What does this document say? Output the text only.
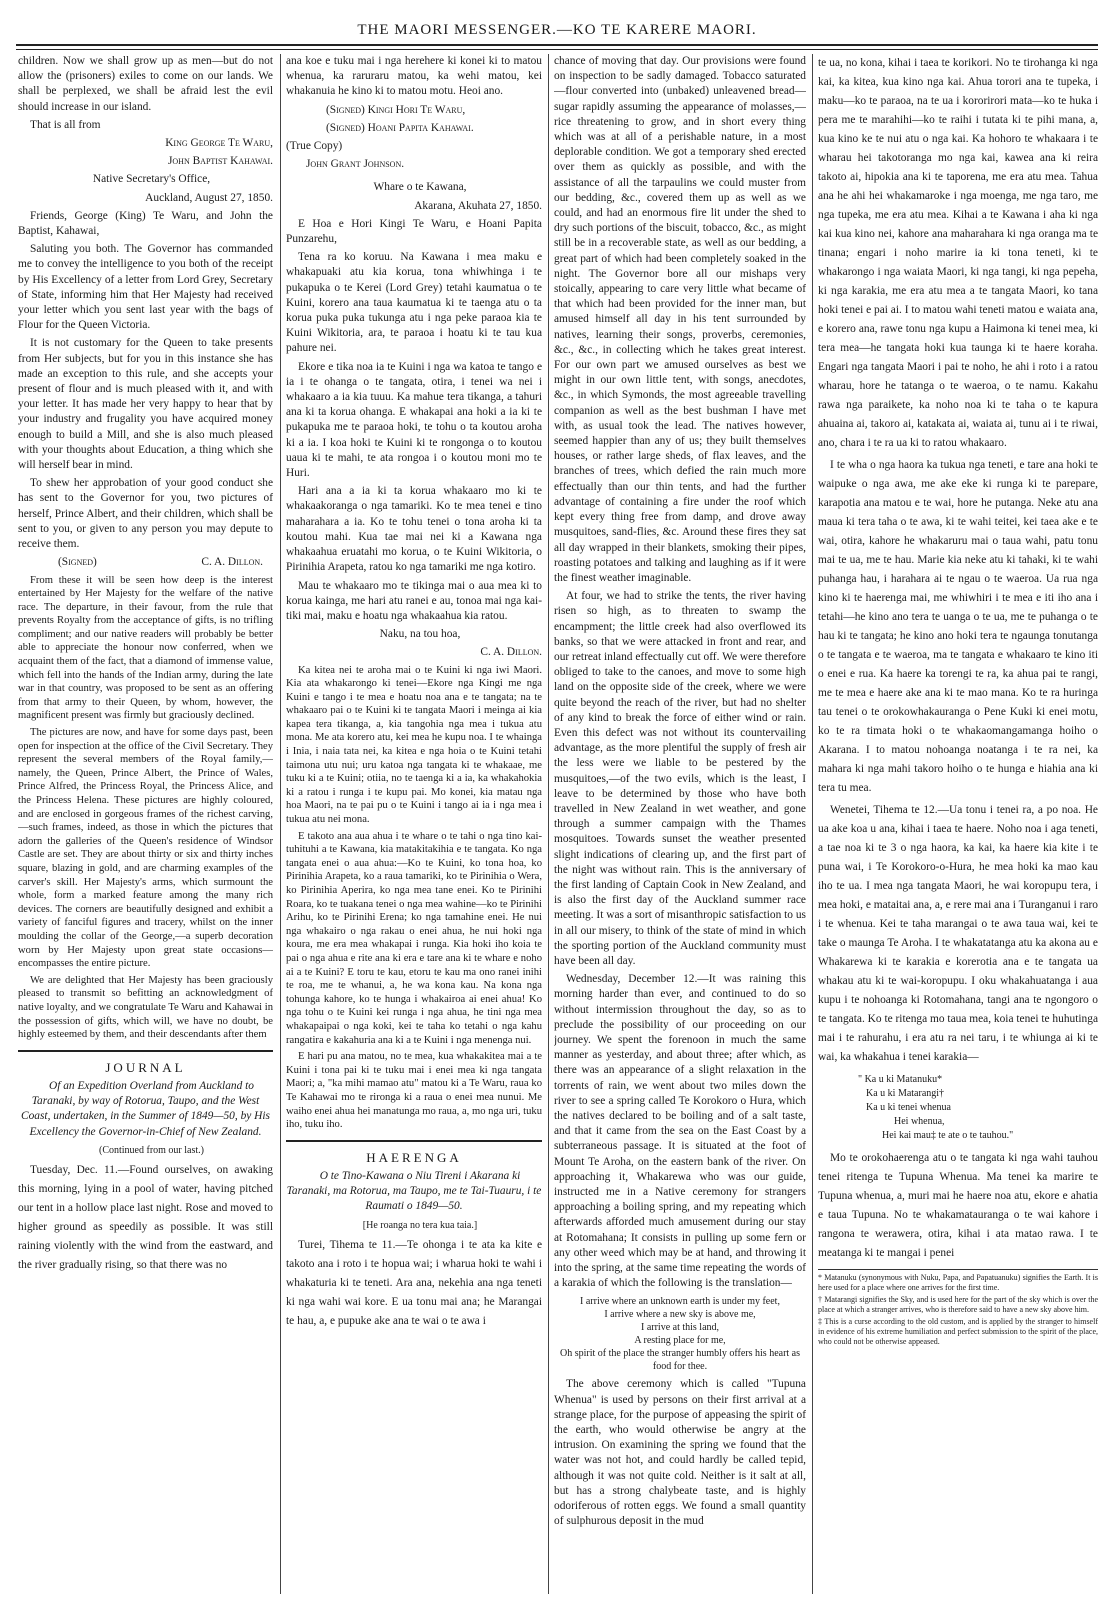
THE MAORI MESSENGER.—KO TE KARERE MAORI.

children. Now we shall grow up as men—but do not allow the (prisoners) exiles to come on our lands. We shall be perplexed, we shall be afraid lest the evil should increase in our island.

That is all from

King George Te Waru,

John Baptist Kahawai.

Native Secretary's Office,

Auckland, August 27, 1850.

Friends, George (King) Te Waru, and John the Baptist, Kahawai,

Saluting you both. The Governor has commanded me to convey the intelligence to you both of the receipt by His Excellency of a letter from Lord Grey, Secretary of State, informing him that Her Majesty had received your letter which you sent last year with the bags of Flour for the Queen Victoria.

It is not customary for the Queen to take presents from Her subjects, but for you in this instance she has made an exception to this rule, and she accepts your present of flour and is much pleased with it, and with your letter. It has made her very happy to hear that by your industry and frugality you have acquired money enough to build a Mill, and she is also much pleased with your thoughts about Education, a thing which she will herself bear in mind.

To shew her approbation of your good conduct she has sent to the Governor for you, two pictures of herself, Prince Albert, and their children, which shall be sent to you, or given to any person you may depute to receive them.

(Signed)	C. A. Dillon.

From these it will be seen how deep is the interest entertained by Her Majesty for the welfare of the native race. The departure, in their favour, from the rule that prevents Royalty from the acceptance of gifts, is no trifling compliment; and our native readers will probably be better able to appreciate the honour now conferred, when we acquaint them of the fact, that a diamond of immense value, which fell into the hands of the Indian army, during the late war in that country, was proposed to be sent as an offering from that army to their Queen, by whom, however, the magnificent present was firmly but graciously declined.

The pictures are now, and have for some days past, been open for inspection at the office of the Civil Secretary. They represent the several members of the Royal family,—namely, the Queen, Prince Albert, the Prince of Wales, Prince Alfred, the Princess Royal, the Princess Alice, and the Princess Helena. These pictures are highly coloured, and are enclosed in gorgeous frames of the richest carving,—such frames, indeed, as those in which the pictures that adorn the galleries of the Queen's residence of Windsor Castle are set. They are about thirty or six and thirty inches square, blazing in gold, and are charming examples of the carver's skill. Her Majesty's arms, which surmount the whole, form a marked feature among the many rich devices. The corners are beautifully designed and exhibit a variety of fanciful figures and tracery, whilst on the inner moulding the collar of the George,—a superb decoration worn by Her Majesty upon great state occasions—encompasses the entire picture.

We are delighted that Her Majesty has been graciously pleased to transmit so befitting an acknowledgment of native loyalty, and we congratulate Te Waru and Kahawai in the possession of gifts, which will, we have no doubt, be highly esteemed by them, and their descendants after them

JOURNAL

Of an Expedition Overland from Auckland to Taranaki, by way of Rotorua, Taupo, and the West Coast, undertaken, in the Summer of 1849—50, by His Excellency the Governor-in-Chief of New Zealand.

(Continued from our last.)

Tuesday, Dec. 11.—Found ourselves, on awaking this morning, lying in a pool of water, having pitched our tent in a hollow place last night. Rose and moved to higher ground as speedily as possible. It was still raining violently with the wind from the eastward, and the river gradually rising, so that there was no

ana koe e tuku mai i nga herehere ki konei ki to matou whenua, ka raruraru matou, ka wehi matou, kei whakanuia he kino ki to matou motu. Heoi ano.

(Signed) Kingi Hori Te Waru,

(Signed) Hoani Papita Kahawai.

(True Copy)

John Grant Johnson.

Whare o te Kawana,

Akarana, Akuhata 27, 1850.

E Hoa e Hori Kingi Te Waru, e Hoani Papita Punzarehu,

Tena ra ko koruu. Na Kawana i mea maku e whakapuaki atu kia korua, tona whiwhinga i te pukapuka o te Kerei (Lord Grey) tetahi kaumatua o te Kuini, korero ana taua kaumatua ki te taenga atu o ta korua puka puka tukunga atu i nga peke paraoa kia te Kuini Wikitoria, ara, te paraoa i hoatu ki te tau kua pahure nei.

Ekore e tika noa ia te Kuini i nga wa katoa te tango e ia i te ohanga o te tangata, otira, i tenei wa nei i whakaaro a ia kia tuuu. Ka mahue tera tikanga, a tahuri ana ki ta korua ohanga. E whakapai ana hoki a ia ki te pukapuka me te paraoa hoki, te tohu o ta koutou aroha ki a ia. I koa hoki te Kuini ki te rongonga o to koutou uaua ki te mahi, te ata rongoa i o koutou moni mo te Huri.

Hari ana a ia ki ta korua whakaaro mo ki te whakaakoranga o nga tamariki. Ko te mea tenei e tino maharahara a ia. Ko te tohu tenei o tona aroha ki ta koutou mahi. Kua tae mai nei ki a Kawana nga whakaahua eruatahi mo korua, o te Kuini Wikitoria, o Pirinihia Arapeta, ratou ko nga tamariki me nga kotiro.

Mau te whakaaro mo te tikinga mai o aua mea ki to korua kainga, me hari atu ranei e au, tonoa mai nga kai-tiki mai, maku e hoatu nga whakaahua kia ratou.

Naku, na tou hoa,

C. A. Dillon.

Ka kitea nei te aroha mai o te Kuini ki nga iwi Maori. Kia ata whakarongo ki tenei—Ekore nga Kingi me nga Kuini e tango i te mea e hoatu noa ana e te tangata; na te whakaaro pai o te Kuini ki te tangata Maori i meinga ai kia kapea tera tikanga, a, kia tangohia nga mea i tukua atu mona. Me ata korero atu, kei mea he kupu noa. I te whainga i Inia, i naia tata nei, ka kitea e nga hoia o te Kuini tetahi taimona utu nui; uru katoa nga tangata ki te whakaae, me tuku ki a te Kuini; otiia, no te taenga ki a ia, ka whakahokia ki a ratou i runga i te kupu pai. Mo konei, kia matau nga hoa Maori, na te pai pu o te Kuini i tango ai ia i nga mea i tukua atu nei mona.

E takoto ana aua ahua i te whare o te tahi o nga tino kai-tuhituhi a te Kawana, kia matakitakihia e te tangata. Ko nga tangata enei o aua ahua:—Ko te Kuini, ko tona hoa, ko Pirinihia Arapeta, ko a raua tamariki, ko te Pirinihia o Wera, ko Pirinihia Aperira, ko nga mea tane enei. Ko te Pirinihi Roara, ko te tuakana tenei o nga mea wahine—ko te Pirinihi Arihu, ko te Pirinihi Erena; ko nga tamahine enei. He nui nga whakairo o nga rakau o enei ahua, he nui hoki nga koura, me era mea whakapai i runga. Kia hoki iho koia te pai o nga ahua e rite ana ki era e tare ana ki te whare e noho ai a te Kuini? E toru te kau, etoru te kau ma ono ranei inihi te roa, me te whanui, a, he wa kona kau. Na kona nga tohunga kahore, ko te hunga i whakairoa ai enei ahua! Ko nga tohu o te Kuini kei runga i nga ahua, he tini nga mea whakapaipai o nga koki, kei te taha ko tetahi o nga kahu rangatira e kakahuria ana ki a te Kuini i nga menenga nui.

E hari pu ana matou, no te mea, kua whakakitea mai a te Kuini i tona pai ki te tuku mai i enei mea ki nga tangata Maori; a, "ka mihi mamao atu" matou ki a Te Waru, raua ko Te Kahawai mo te rironga ki a raua o enei mea nunui. Me waiho enei ahua hei manatunga mo raua, a, mo nga uri, tuku iho, tuku iho.

HAERENGA

O te Tino-Kawana o Niu Tireni i Akarana ki Taranaki, ma Rotorua, ma Taupo, me te Tai-Tuauru, i te Raumati o 1849—50.

[He roanga no tera kua taia.]

Turei, Tihema te 11.—Te ohonga i te ata ka kite e takoto ana i roto i te hopua wai; i wharua hoki te wahi i whakaturia ki te teneti. Ara ana, nekehia ana nga teneti ki nga wahi wai kore. E ua tonu mai ana; he Marangai te hau, a, e pupuke ake ana te wai o te awa i

chance of moving that day. Our provisions were found on inspection to be sadly damaged. Tobacco saturated—flour converted into (unbaked) unleavened bread—sugar rapidly assuming the appearance of molasses,—rice threatening to grow, and in short every thing which was at all of a perishable nature, in a most deplorable condition. We got a temporary shed erected over them as quickly as possible, and with the assistance of all the tarpaulins we could muster from our bedding, &c., covered them up as well as we could, and had an enormous fire lit under the shed to dry such portions of the biscuit, tobacco, &c., as might still be in a recoverable state, as well as our bedding, a great part of which had been completely soaked in the night. The Governor bore all our mishaps very stoically, appearing to care very little what became of that which had been provided for the inner man, but amused himself all day in his tent surrounded by natives, learning their songs, proverbs, ceremonies, &c., &c., in collecting which he takes great interest. For our own part we amused ourselves as best we might in our own little tent, with songs, anecdotes, &c., in which Symonds, the most agreeable travelling companion as well as the best bushman I have met with, as usual took the lead. The natives however, seemed happier than any of us; they built themselves houses, or rather large sheds, of flax leaves, and the branches of trees, which defied the rain much more effectually than our thin tents, and had the further advantage of containing a fire under the roof which kept every thing free from damp, and drove away musquitoes, sand-flies, &c. Around these fires they sat all day wrapped in their blankets, smoking their pipes, roasting potatoes and talking and laughing as if it were the finest weather imaginable.

At four, we had to strike the tents, the river having risen so high, as to threaten to swamp the encampment; the little creek had also overflowed its banks, so that we were attacked in front and rear, and our retreat inland effectually cut off. We were therefore obliged to take to the canoes, and move to some high land on the opposite side of the creek, where we were quite beyond the reach of the river, but had no shelter of any kind to break the force of either wind or rain. Even this defect was not without its countervailing advantage, as the more plentiful the supply of fresh air the less were we liable to be pestered by the musquitoes,—of the two evils, which is the least, I leave to be determined by those who have both travelled in New Zealand in wet weather, and gone through a summer campaign with the Thames mosquitoes. Towards sunset the weather presented slight indications of clearing up, and the first part of the night was without rain. This is the anniversary of the first landing of Captain Cook in New Zealand, and is also the first day of the Auckland summer race meeting. It was a sort of misanthropic satisfaction to us in all our misery, to think of the state of mind in which the sporting portion of the Auckland community must have been all day.

Wednesday, December 12.—It was raining this morning harder than ever, and continued to do so without intermission throughout the day, so as to preclude the possibility of our proceeding on our journey. We spent the forenoon in much the same manner as yesterday, and about three; after which, as there was an appearance of a slight relaxation in the torrents of rain, we went about two miles down the river to see a spring called Te Korokoro o Hura, which the natives declared to be boiling and of a salt taste, and that it came from the sea on the East Coast by a subterraneous passage. It is situated at the foot of Mount Te Aroha, on the eastern bank of the river. On approaching it, Whakarewa who was our guide, instructed me in a Native ceremony for strangers approaching a boiling spring, and my repeating which afterwards afforded much amusement during our stay at Rotomahana; It consists in pulling up some fern or any other weed which may be at hand, and throwing it into the spring, at the same time repeating the words of a karakia of which the following is the translation—

I arrive where an unknown earth is under my feet,
I arrive where a new sky is above me,
I arrive at this land,
A resting place for me,
Oh spirit of the place the stranger humbly offers his heart as food for thee.

The above ceremony which is called "Tupuna Whenua" is used by persons on their first arrival at a strange place, for the purpose of appeasing the spirit of the earth, who would otherwise be angry at the intrusion. On examining the spring we found that the water was not hot, and could hardly be called tepid, although it was not quite cold. Neither is it salt at all, but has a strong chalybeate taste, and is highly odoriferous of rotten eggs. We found a small quantity of sulphurous deposit in the mud

te ua, no kona, kihai i taea te korikori. No te tirohanga ki nga kai, ka kitea, kua kino nga kai. Ahua torori ana te tupeka, i maku—ko te paraoa, na te ua i kororirori mata—ko te huka i pera me te marahihi—ko te raihi i tutata ki te pihi mana, a, kua kino ke te nui atu o nga kai. Ka hohoro te whakaara i te wharau hei takotoranga mo nga kai, kawea ana ki reira takoto ai, hipokia ana ki te taporena, me era atu mea. Tahua ana he ahi hei whakamaroke i nga moenga, me nga taro, me nga tupeka, me era atu mea. Kihai a te Kawana i aha ki nga kai kua kino nei, kahore ana maharahara ki nga oranga ma te tinana; engari i noho marire ia ki tona teneti, ki te whakarongo i nga waiata Maori, ki nga tangi, ki nga pepeha, ki nga karakia, me era atu mea a te tangata Maori, ko tana hoki tenei e pai ai. I to matou wahi teneti matou e waiata ana, e korero ana, rawe tonu nga kupu a Haimona ki tenei mea, ki tera mea—he tangata hoki kua taunga ki te haere koraha. Engari nga tangata Maori i pai te noho, he ahi i roto i a ratou wharau, hore he tatanga o te waeroa, o te namu. Kakahu rawa nga paraikete, ka noho noa ki te taha o te kapura ahuaina ai, takoro ai, katakata ai, waiata ai, tunu ai i te riwai, ano, chara i te ra ua ki to ratou whakaaro.

I te wha o nga haora ka tukua nga teneti, e tare ana hoki te waipuke o nga awa, me ake eke ki runga ki te parepare, karapotia ana matou e te wai, hore he putanga. Neke atu ana maua ki tera taha o te awa, ki te wahi teitei, kei taea ake e te wai, otira, kahore he whakaruru mai o taua wahi, patu tonu mai te ua, me te hau. Marie kia neke atu ki tahaki, ki te wahi puhanga hau, i harahara ai te ngau o te waeroa. Ua rua nga kino ki te haerenga mai, me whiwhiri i te mea e iti iho ana i tetahi—he kino ano tera te uanga o te ua, me te puhanga o te hau ki te tangata; he kino ano hoki tera te ngaunga tonutanga o te tangata e te waeroa, ma te tangata e whakaaro te kino iti o enei e rua. Ka haere ka torengi te ra, ka ahua pai te rangi, me te mea e haere ake ana ki te mao mana. Ko te ra huringa tau tenei o te orokowhakauranga o Pene Kuki ki enei motu, ko te ra timata hoki o te whakaomangamanga hoiho o Akarana. I to matou nohoanga noatanga i te ra nei, ka mahara ki nga mahi takoro hoiho o te hunga e hiahia ana ki tera tu mea.

Wenetei, Tihema te 12.—Ua tonu i tenei ra, a po noa. He ua ake koa u ana, kihai i taea te haere. Noho noa i aga teneti, a tae noa ki te 3 o nga haora, ka kai, ka haere kia kite i te puna wai, i Te Korokoro-o-Hura, he mea hoki ka mao kau iho te ua. I mea nga tangata Maori, he wai koropupu tera, i mea hoki, e mataitai ana, a, e rere mai ana i Turanganui i raro i te whenua. Kei te taha marangai o te awa taua wai, kei te take o maunga Te Aroha. I te whakatatanga atu ka akona au e Whakarewa ki te karakia e korerotia ana e te tangata ua whakau atu ki te wai-koropupu. I oku whakahuatanga i aua kupu i te nohoanga ki Rotomahana, tangi ana te ngongoro o te tangata. Ko te ritenga mo taua mea, koia tenei te huhutinga mai i te rahurahu, i era atu ra nei taru, i te whiunga ai ki te wai, ka whakahua i tenei karakia—

" Ka u ki Matanuku*
Ka u ki Matarangi†
Ka u ki tenei whenua
Hei whenua,
Hei kai mau‡ te ate o te tauhou."

Mo te orokohaerenga atu o te tangata ki nga wahi tauhou tenei ritenga te Tupuna Whenua. Ma tenei ka marire te Tupuna whenua, a, muri mai he haere noa atu, ekore e ahatia e taua Tupuna. No te whakamatauranga o te wai kahore i rangona te werawera, otira, kihai i ata matao rawa. I te meatanga ki te mangai i penei

* Matanuku (synonymous with Nuku, Papa, and Papatuanuku) signifies the Earth. It is here used for a place where one arrives for the first time.

† Matarangi signifies the Sky, and is used here for the part of the sky which is over the place at which a stranger arrives, who is therefore said to have a new sky above him.

‡ This is a curse according to the old custom, and is applied by the stranger to himself in evidence of his extreme humiliation and perfect submission to the spirit of the place, who could not be otherwise appeased.
